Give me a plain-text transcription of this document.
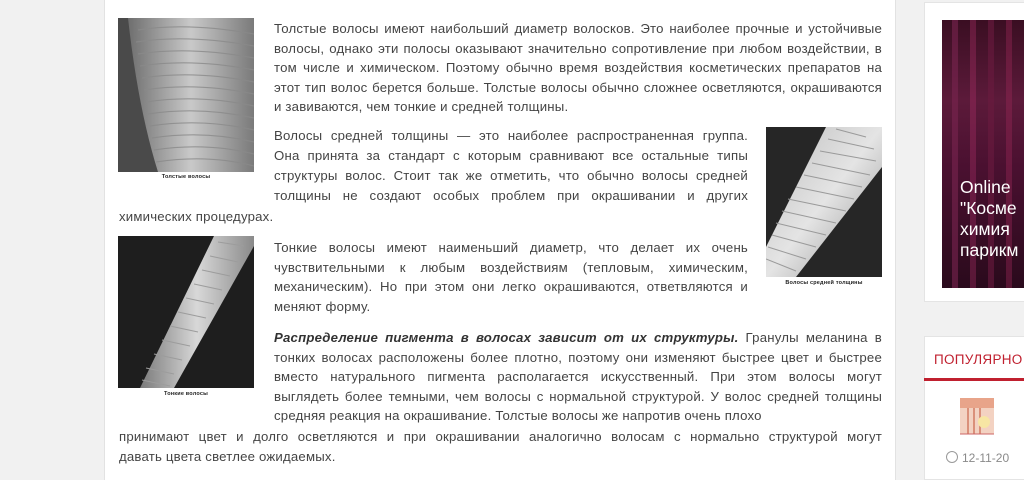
Толстые волосы

Толстые волосы имеют наибольший диаметр волосков. Это наиболее прочные и устойчивые волосы, однако эти полосы оказывают значительно сопротивление при любом воздействии, в том числе и химическом. Поэтому обычно время воздействия косметических препаратов на этот тип волос берется больше. Толстые волосы обычно сложнее осветляются, окрашиваются и завиваются, чем тонкие и средней толщины.

Волосы средней толщины — это наиболее распространенная группа.

Она принята за стандарт с которым сравнивают все остальные типы

структуры волос. Стоит так же отметить, что обычно волосы средней

толщины не создают особых проблем при окрашивании и других

химических процедурах.

Волосы средней толщины
Тонкие волосы

Тонкие волосы имеют наименьший диаметр, что делает их очень чувствительными к любым воздействиям (тепловым, химическим, механическим). Но при этом они легко окрашиваются, ответвляются и меняют форму.

Распределение пигмента в волосах зависит от их структуры. Гранулы меланина в тонких волосах расположены более плотно, поэтому они изменяют быстрее цвет и быстрее вместо натурального пигмента располагается искусственный. При этом волосы могут выглядеть более темными, чем волосы с нормальной структурой. У волос средней толщины средняя реакция на окрашивание. Толстые волосы же напротив очень плохо

принимают цвет и долго осветляются и при окрашивании аналогично волосам с нормально структурой могут

давать цвета светлее ожидаемых.

Online
"Косме
химия
парикм
ПОПУЛЯРНО
12-11-20
